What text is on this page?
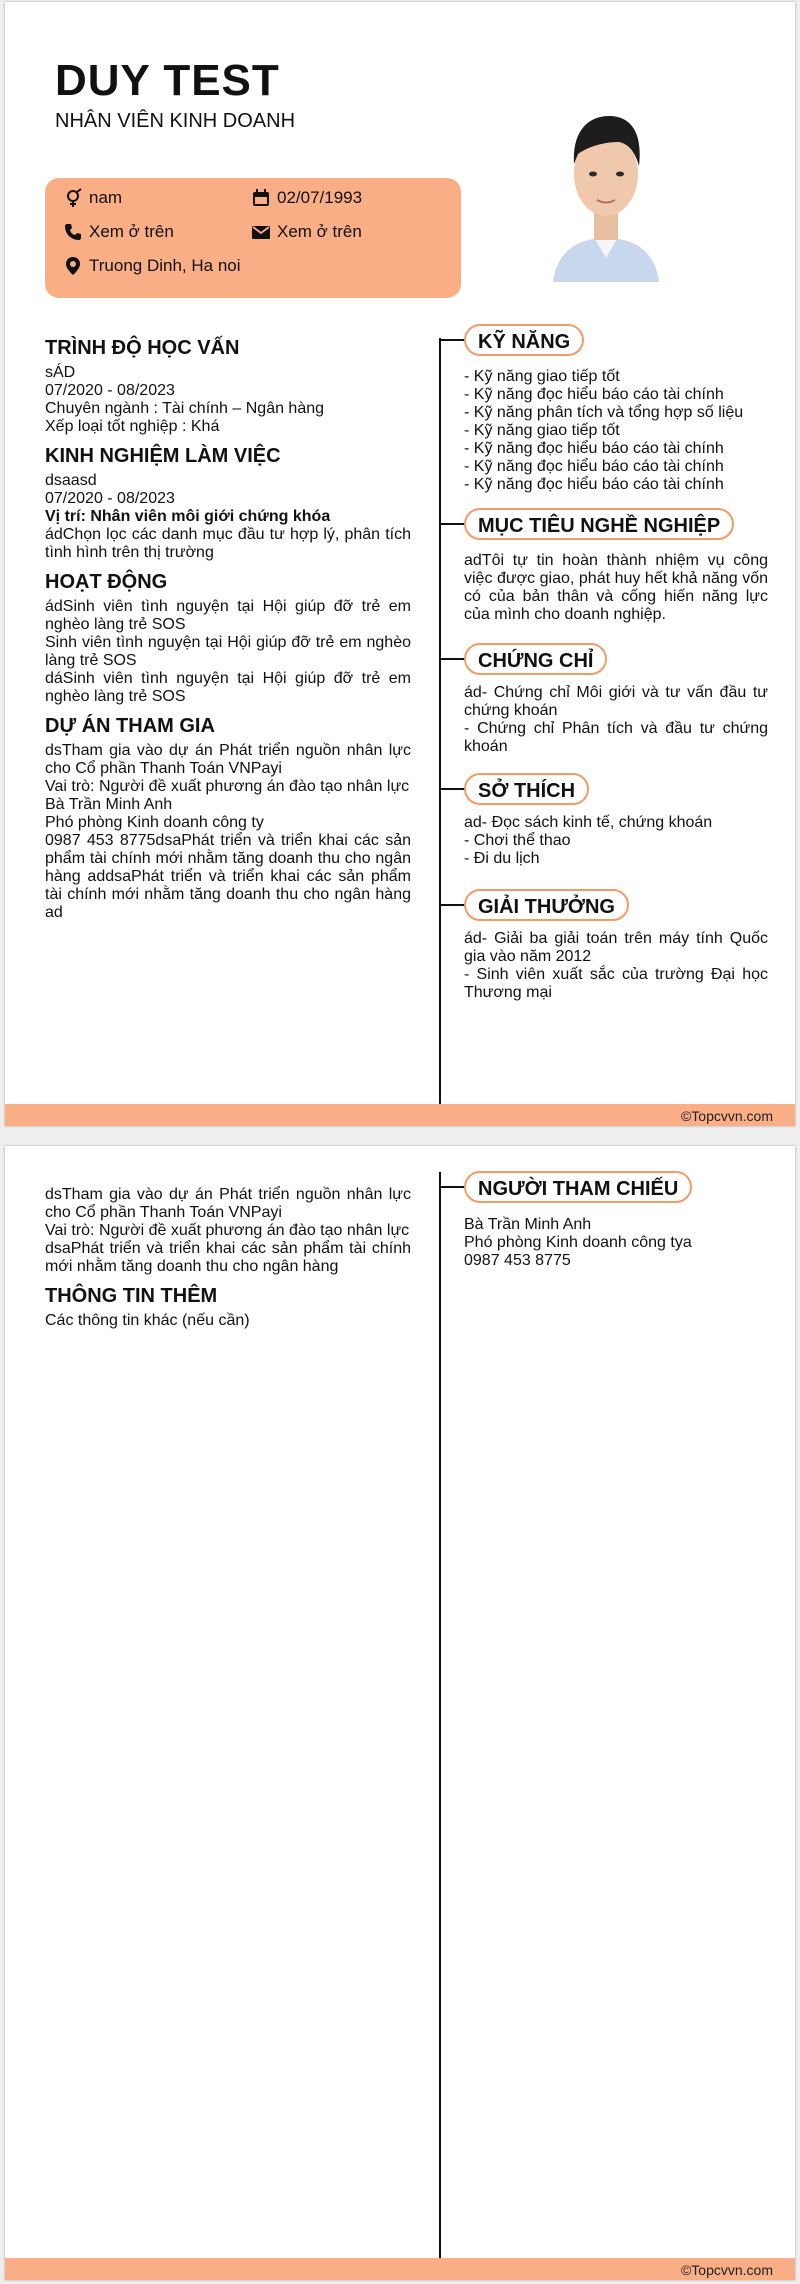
DUY TEST
NHÂN VIÊN KINH DOANH
nam	02/07/1993
Xem ở trên	Xem ở trên
Truong Dinh, Ha noi
TRÌNH ĐỘ HỌC VẤN

sÁD

07/2020 - 08/2023

Chuyên ngành : Tài chính – Ngân hàng

Xếp loại tốt nghiệp : Khá

KINH NGHIỆM LÀM VIỆC

dsaasd

07/2020 - 08/2023

Vị trí: Nhân viên môi giới chứng khóa

ádChọn lọc các danh mục đầu tư hợp lý, phân tích tình hình trên thị trường

HOẠT ĐỘNG

ádSinh viên tình nguyện tại Hội giúp đỡ trẻ em nghèo làng trẻ SOS

Sinh viên tình nguyện tại Hội giúp đỡ trẻ em nghèo làng trẻ SOS

dáSinh viên tình nguyện tại Hội giúp đỡ trẻ em nghèo làng trẻ SOS

DỰ ÁN THAM GIA

dsTham gia vào dự án Phát triển nguồn nhân lực cho Cổ phần Thanh Toán VNPayi

Vai trò: Người đề xuất phương án đào tạo nhân lực

Bà Trần Minh Anh

Phó phòng Kinh doanh công ty

0987 453 8775dsaPhát triển và triển khai các sản phẩm tài chính mới nhằm tăng doanh thu cho ngân hàng addsaPhát triển và triển khai các sản phẩm tài chính mới nhằm tăng doanh thu cho ngân hàng ad

KỸ NĂNG

- Kỹ năng giao tiếp tốt

- Kỹ năng đọc hiểu báo cáo tài chính

- Kỹ năng phân tích và tổng hợp số liệu

- Kỹ năng giao tiếp tốt

- Kỹ năng đọc hiểu báo cáo tài chính

- Kỹ năng đọc hiểu báo cáo tài chính

- Kỹ năng đọc hiểu báo cáo tài chính

MỤC TIÊU NGHỀ NGHIỆP
adTôi tự tin hoàn thành nhiệm vụ công việc được giao, phát huy hết khả năng vốn có của bản thân và cống hiến năng lực của mình cho doanh nghiệp.
CHỨNG CHỈ

ád- Chứng chỉ Môi giới và tư vấn đầu tư chứng khoán

- Chứng chỉ Phân tích và đầu tư chứng khoán

SỞ THÍCH

ad- Đọc sách kinh tế, chứng khoán

- Chơi thể thao

- Đi du lịch

GIẢI THƯỞNG

ád- Giải ba giải toán trên máy tính Quốc gia vào năm 2012

- Sinh viên xuất sắc của trường Đại học Thương mại

©Topcvvn.com

dsTham gia vào dự án Phát triển nguồn nhân lực cho Cổ phần Thanh Toán VNPayi

Vai trò: Người đề xuất phương án đào tạo nhân lực

dsaPhát triển và triển khai các sản phẩm tài chính mới nhằm tăng doanh thu cho ngân hàng

THÔNG TIN THÊM

Các thông tin khác (nếu cần)

NGƯỜI THAM CHIẾU

Bà Trần Minh Anh

Phó phòng Kinh doanh công tya

0987 453 8775

©Topcvvn.com
